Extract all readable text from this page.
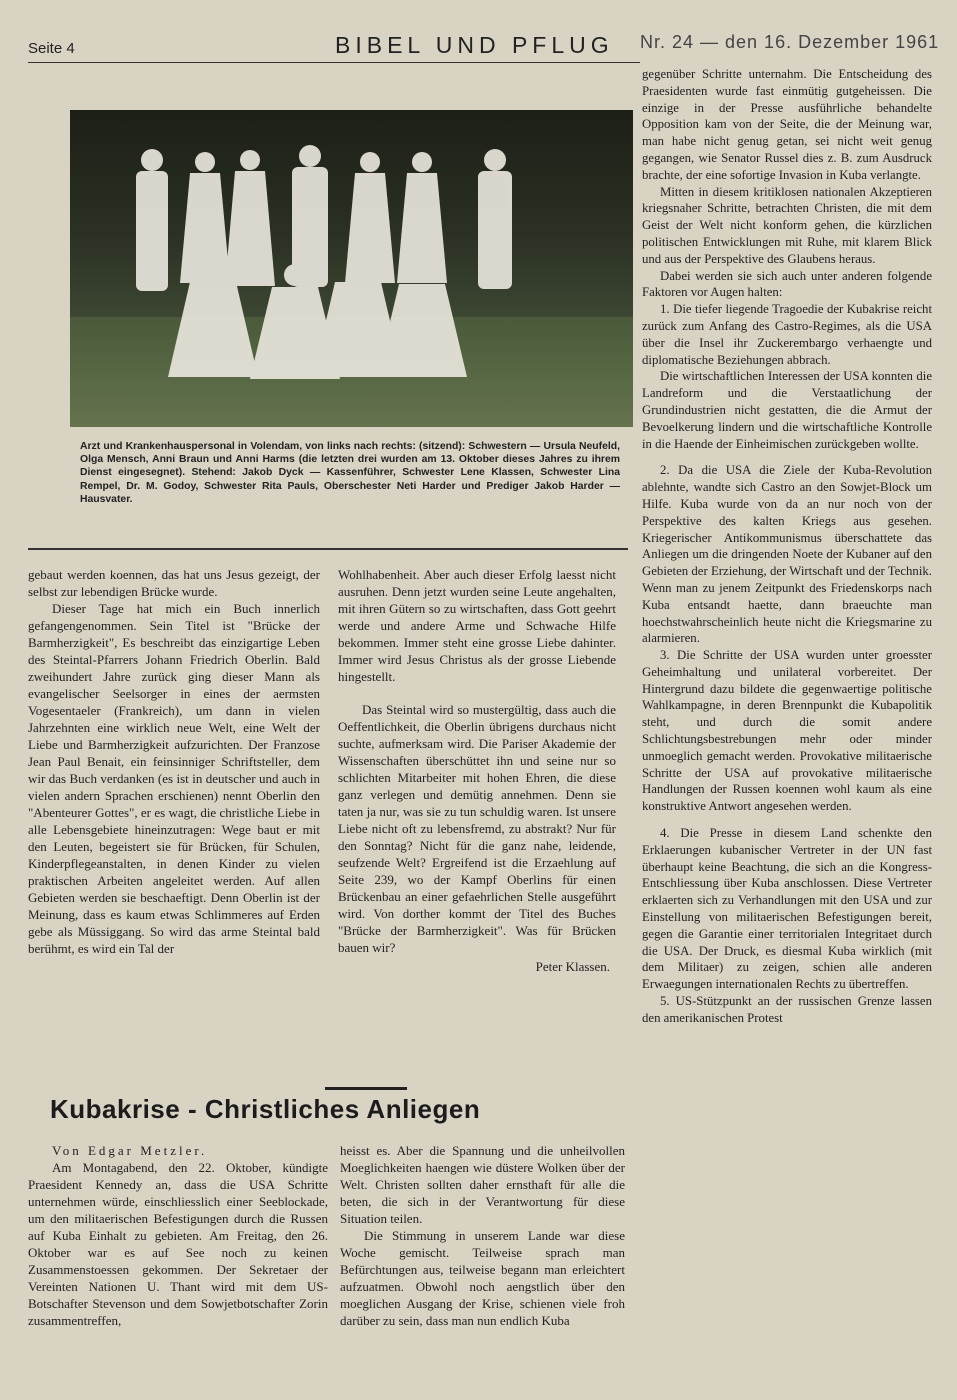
Seite 4	BIBEL UND PFLUG Nr. 24 — den 16. Dezember 1961
Arzt und Krankenhauspersonal in Volendam, von links nach rechts: (sitzend): Schwestern — Ursula Neufeld, Olga Mensch, Anni Braun und Anni Harms (die letzten drei wurden am 13. Oktober dieses Jahres zu ihrem Dienst eingesegnet). Stehend: Jakob Dyck — Kassenführer, Schwester Lene Klassen, Schwester Lina Rempel, Dr. M. Godoy, Schwester Rita Pauls, Oberschester Neti Harder und Prediger Jakob Harder — Hausvater.

gebaut werden koennen, das hat uns Jesus gezeigt, der selbst zur lebendigen Brücke wurde.

Dieser Tage hat mich ein Buch innerlich gefangengenommen. Sein Titel ist "Brücke der Barmherzigkeit", Es beschreibt das einzigartige Leben des Steintal-Pfarrers Johann Friedrich Oberlin. Bald zweihundert Jahre zurück ging dieser Mann als evangelischer Seelsorger in eines der aermsten Vogesentaeler (Frankreich), um dann in vielen Jahrzehnten eine wirklich neue Welt, eine Welt der Liebe und Barmherzigkeit aufzurichten. Der Franzose Jean Paul Benait, ein feinsinniger Schriftsteller, dem wir das Buch verdanken (es ist in deutscher und auch in vielen andern Sprachen erschienen) nennt Oberlin den "Abenteurer Gottes", er es wagt, die christliche Liebe in alle Lebensgebiete hineinzutragen: Wege baut er mit den Leuten, begeistert sie für Brücken, für Schulen, Kinderpflegeanstalten, in denen Kinder zu vielen praktischen Arbeiten angeleitet werden. Auf allen Gebieten werden sie beschaeftigt. Denn Oberlin ist der Meinung, dass es kaum etwas Schlimmeres auf Erden gebe als Müssiggang. So wird das arme Steintal bald berühmt, es wird ein Tal der

Wohlhabenheit. Aber auch dieser Erfolg laesst nicht ausruhen. Denn jetzt wurden seine Leute angehalten, mit ihren Gütern so zu wirtschaften, dass Gott geehrt werde und andere Arme und Schwache Hilfe bekommen. Immer steht eine grosse Liebe dahinter. Immer wird Jesus Christus als der grosse Liebende hingestellt.

Das Steintal wird so mustergültig, dass auch die Oeffentlichkeit, die Oberlin übrigens durchaus nicht suchte, aufmerksam wird. Die Pariser Akademie der Wissenschaften überschüttet ihn und seine nur so schlichten Mitarbeiter mit hohen Ehren, die diese ganz verlegen und demütig annehmen. Denn sie taten ja nur, was sie zu tun schuldig waren. Ist unsere Liebe nicht oft zu lebensfremd, zu abstrakt? Nur für den Sonntag? Nicht für die ganz nahe, leidende, seufzende Welt? Ergreifend ist die Erzaehlung auf Seite 239, wo der Kampf Oberlins für einen Brückenbau an einer gefaehrlichen Stelle ausgeführt wird. Von dorther kommt der Titel des Buches "Brücke der Barmherzigkeit". Was für Brücken bauen wir?

Peter Klassen.
Kubakrise - Christliches Anliegen

Von Edgar Metzler.

Am Montagabend, den 22. Oktober, kündigte Praesident Kennedy an, dass die USA Schritte unternehmen würde, einschliesslich einer Seeblockade, um den militaerischen Befestigungen durch die Russen auf Kuba Einhalt zu gebieten. Am Freitag, den 26. Oktober war es auf See noch zu keinen Zusammenstoessen gekommen. Der Sekretaer der Vereinten Nationen U. Thant wird mit dem US-Botschafter Stevenson und dem Sowjetbotschafter Zorin zusammentreffen,

heisst es. Aber die Spannung und die unheilvollen Moeglichkeiten haengen wie düstere Wolken über der Welt. Christen sollten daher ernsthaft für alle die beten, die sich in der Verantwortung für diese Situation teilen.

Die Stimmung in unserem Lande war diese Woche gemischt. Teilweise sprach man Befürchtungen aus, teilweise begann man erleichtert aufzuatmen. Obwohl noch aengstlich über den moeglichen Ausgang der Krise, schienen viele froh darüber zu sein, dass man nun endlich Kuba

gegenüber Schritte unternahm. Die Entscheidung des Praesidenten wurde fast einmütig gutgeheissen. Die einzige in der Presse ausführliche behandelte Opposition kam von der Seite, die der Meinung war, man habe nicht genug getan, sei nicht weit genug gegangen, wie Senator Russel dies z. B. zum Ausdruck brachte, der eine sofortige Invasion in Kuba verlangte.

Mitten in diesem kritiklosen nationalen Akzeptieren kriegsnaher Schritte, betrachten Christen, die mit dem Geist der Welt nicht konform gehen, die kürzlichen politischen Entwicklungen mit Ruhe, mit klarem Blick und aus der Perspektive des Glaubens heraus.

Dabei werden sie sich auch unter anderen folgende Faktoren vor Augen halten:

1. Die tiefer liegende Tragoedie der Kubakrise reicht zurück zum Anfang des Castro-Regimes, als die USA über die Insel ihr Zuckerembargo verhaengte und diplomatische Beziehungen abbrach.

Die wirtschaftlichen Interessen der USA konnten die Landreform und die Verstaatlichung der Grundindustrien nicht gestatten, die die Armut der Bevoelkerung lindern und die wirtschaftliche Kontrolle in die Haende der Einheimischen zurückgeben wollte.

2. Da die USA die Ziele der Kuba-Revolution ablehnte, wandte sich Castro an den Sowjet-Block um Hilfe. Kuba wurde von da an nur noch von der Perspektive des kalten Kriegs aus gesehen. Kriegerischer Antikommunismus überschattete das Anliegen um die dringenden Noete der Kubaner auf den Gebieten der Erziehung, der Wirtschaft und der Technik. Wenn man zu jenem Zeitpunkt des Friedenskorps nach Kuba entsandt haette, dann braeuchte man hoechstwahrscheinlich heute nicht die Kriegsmarine zu alarmieren.

3. Die Schritte der USA wurden unter groesster Geheimhaltung und unilateral vorbereitet. Der Hintergrund dazu bildete die gegenwaertige politische Wahlkampagne, in deren Brennpunkt die Kubapolitik steht, und durch die somit andere Schlichtungsbestrebungen mehr oder minder unmoeglich gemacht werden. Provokative militaerische Schritte der USA auf provokative militaerische Handlungen der Russen koennen wohl kaum als eine konstruktive Antwort angesehen werden.

4. Die Presse in diesem Land schenkte den Erklaerungen kubanischer Vertreter in der UN fast überhaupt keine Beachtung, die sich an die Kongress-Entschliessung über Kuba anschlossen. Diese Vertreter erklaerten sich zu Verhandlungen mit den USA und zur Einstellung von militaerischen Befestigungen bereit, gegen die Garantie einer territorialen Integritaet durch die USA. Der Druck, es diesmal Kuba wirklich (mit dem Militaer) zu zeigen, schien alle anderen Erwaegungen internationalen Rechts zu übertreffen.

5. US-Stützpunkt an der russischen Grenze lassen den amerikanischen Protest
